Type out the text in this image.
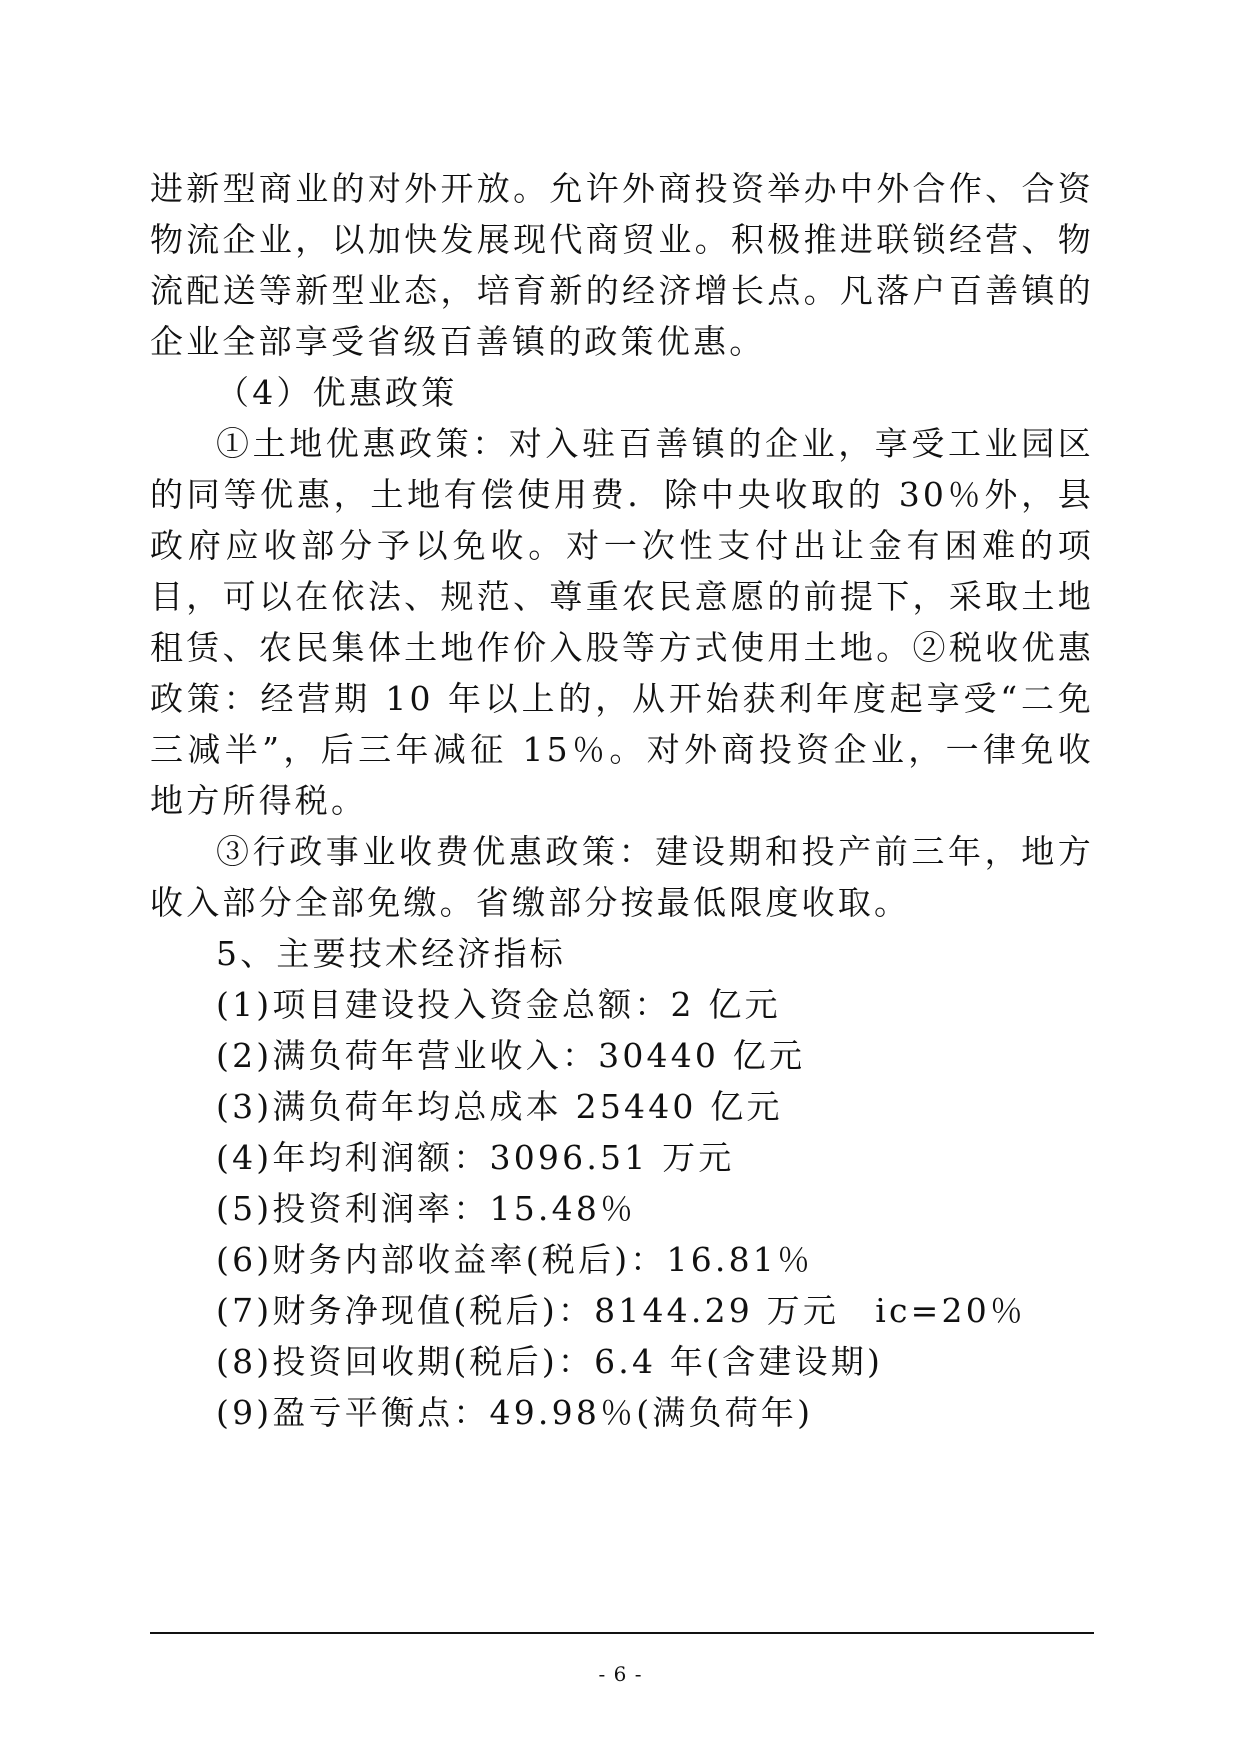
进新型商业的对外开放。允许外商投资举办中外合作、合资物流企业，以加快发展现代商贸业。积极推进联锁经营、物流配送等新型业态，培育新的经济增长点。凡落户百善镇的企业全部享受省级百善镇的政策优惠。

（4）优惠政策

①土地优惠政策：对入驻百善镇的企业，享受工业园区的同等优惠，土地有偿使用费．除中央收取的 30％外，县政府应收部分予以免收。对一次性支付出让金有困难的项目，可以在依法、规范、尊重农民意愿的前提下，采取土地租赁、农民集体土地作价入股等方式使用土地。②税收优惠政策：经营期 10 年以上的，从开始获利年度起享受“二免三减半”，后三年减征 15％。对外商投资企业，一律免收地方所得税。

③行政事业收费优惠政策：建设期和投产前三年，地方收入部分全部免缴。省缴部分按最低限度收取。

5、主要技术经济指标

(1)项目建设投入资金总额：2 亿元

(2)满负荷年营业收入：30440 亿元

(3)满负荷年均总成本 25440 亿元

(4)年均利润额：3096.51 万元

(5)投资利润率：15.48％

(6)财务内部收益率(税后)：16.81％

(7)财务净现值(税后)：8144.29 万元　ic=20％

(8)投资回收期(税后)：6.4 年(含建设期)

(9)盈亏平衡点：49.98％(满负荷年)

- 6 -
